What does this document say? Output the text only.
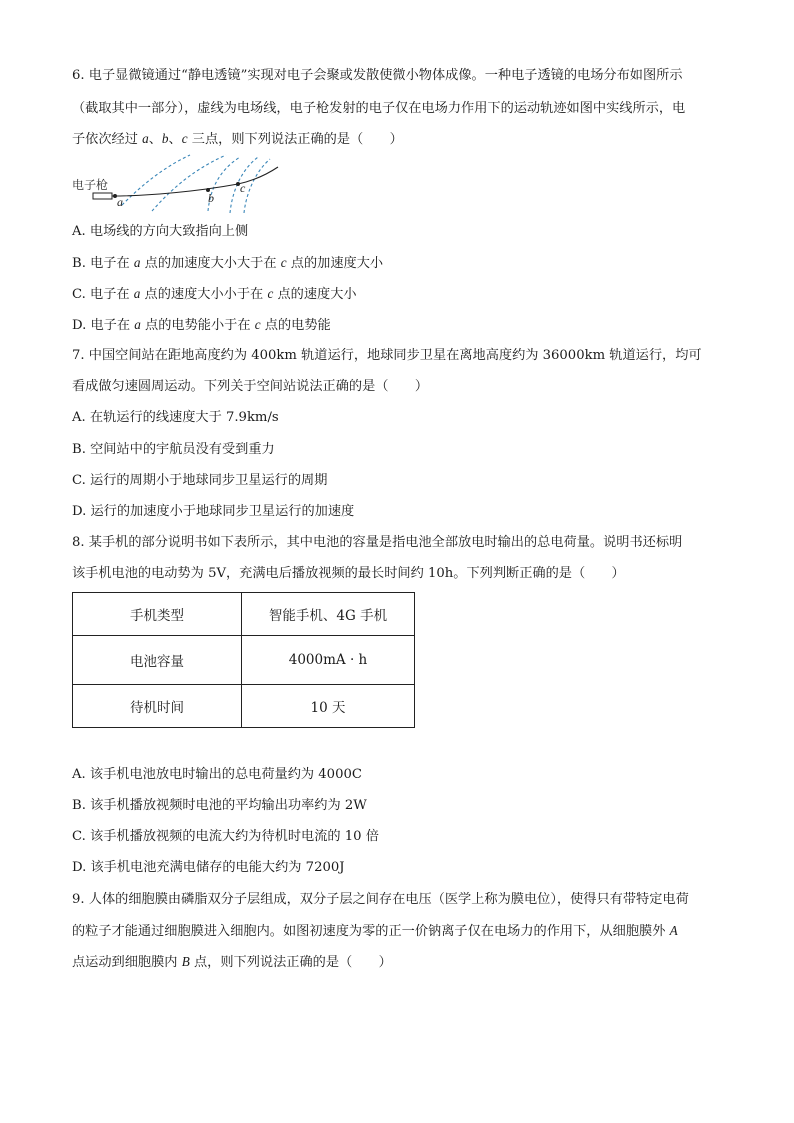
6. 电子显微镜通过“静电透镜”实现对电子会聚或发散使微小物体成像。一种电子透镜的电场分布如图所示
（截取其中一部分），虚线为电场线，电子枪发射的电子仅在电场力作用下的运动轨迹如图中实线所示，电
子依次经过 a、b、c 三点，则下列说法正确的是（　　）
电子枪
a	b
c
A. 电场线的方向大致指向上侧
B. 电子在 a 点的加速度大小大于在 c 点的加速度大小
C. 电子在 a 点的速度大小小于在 c 点的速度大小
D. 电子在 a 点的电势能小于在 c 点的电势能
7. 中国空间站在距地高度约为 400km 轨道运行，地球同步卫星在离地高度约为 36000km 轨道运行，均可
看成做匀速圆周运动。下列关于空间站说法正确的是（　　）
A. 在轨运行的线速度大于 7.9km/s
B. 空间站中的宇航员没有受到重力
C. 运行的周期小于地球同步卫星运行的周期
D. 运行的加速度小于地球同步卫星运行的加速度
8. 某手机的部分说明书如下表所示，其中电池的容量是指电池全部放电时输出的总电荷量。说明书还标明
该手机电池的电动势为 5V，充满电后播放视频的最长时间约 10h。下列判断正确的是（　　）
手机类型	智能手机、4G 手机
电池容量	4000mA · h
待机时间	10 天
A. 该手机电池放电时输出的总电荷量约为 4000C
B. 该手机播放视频时电池的平均输出功率约为 2W
C. 该手机播放视频的电流大约为待机时电流的 10 倍
D. 该手机电池充满电储存的电能大约为 7200J
9. 人体的细胞膜由磷脂双分子层组成，双分子层之间存在电压（医学上称为膜电位），使得只有带特定电荷
的粒子才能通过细胞膜进入细胞内。如图初速度为零的正一价钠离子仅在电场力的作用下，从细胞膜外 A
点运动到细胞膜内 B 点，则下列说法正确的是（　　）
